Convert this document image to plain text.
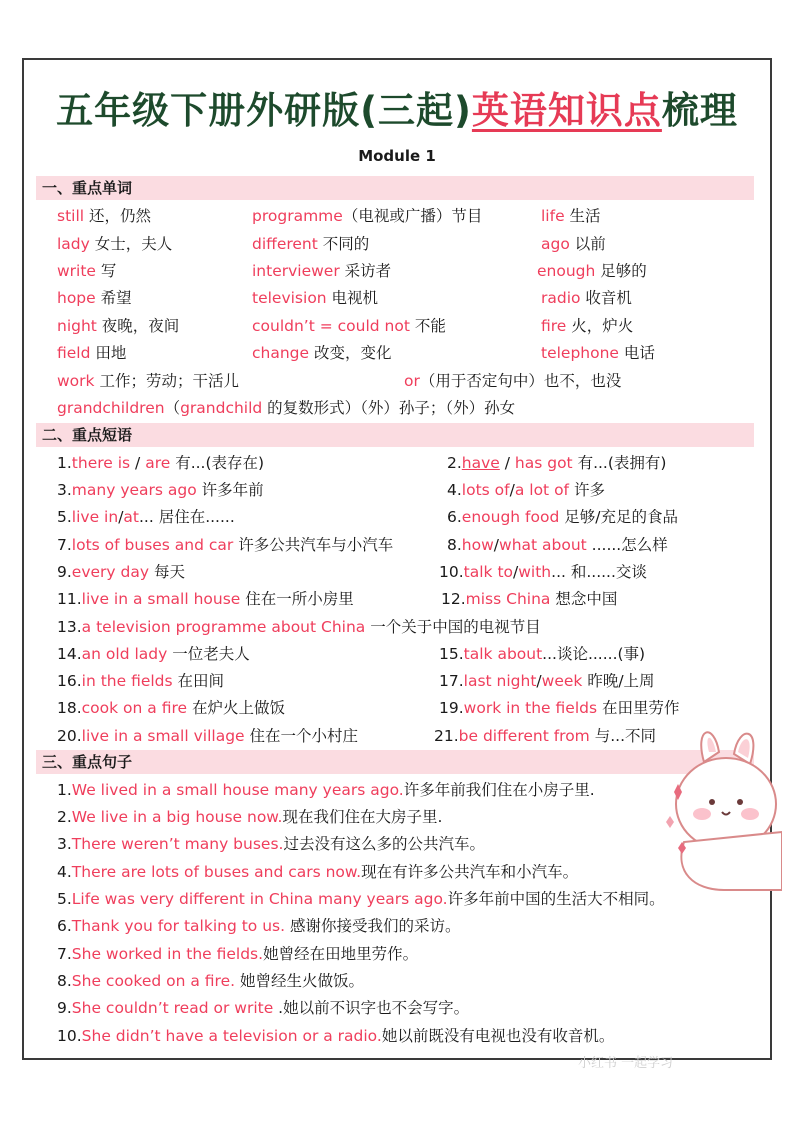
五年级下册外研版(三起)英语知识点梳理
Module 1
一、重点单词
still 还，仍然	programme（电视或广播）节目	life 生活
lady 女士，夫人	different 不同的	ago 以前
write 写	interviewer 采访者	enough 足够的
hope 希望	television 电视机	radio 收音机
night 夜晚，夜间	couldn’t = could not 不能	fire 火，炉火
field 田地	change 改变，变化	telephone 电话
work 工作；劳动；干活儿	or（用于否定句中）也不，也没
grandchildren（grandchild 的复数形式）（外）孙子；（外）孙女
二、重点短语
1.there is / are 有...(表存在)	2.have / has got 有...(表拥有)
3.many years ago 许多年前	4.lots of/a lot of 许多
5.live in/at... 居住在......	6.enough food 足够/充足的食品
7.lots of buses and car 许多公共汽车与小汽车	8.how/what about ......怎么样
9.every day 每天	10.talk to/with... 和......交谈
11.live in a small house 住在一所小房里	12.miss China 想念中国
13.a television programme about China 一个关于中国的电视节目
14.an old lady 一位老夫人	15.talk about...谈论......(事)
16.in the fields 在田间	17.last night/week 昨晚/上周
18.cook on a fire 在炉火上做饭	19.work in the fields 在田里劳作
20.live in a small village 住在一个小村庄	21.be different from 与...不同
三、重点句子
1.We lived in a small house many years ago.许多年前我们住在小房子里.
2.We live in a big house now.现在我们住在大房子里.
3.There weren’t many buses.过去没有这么多的公共汽车。
4.There are lots of buses and cars now.现在有许多公共汽车和小汽车。
5.Life was very different in China many years ago.许多年前中国的生活大不相同。
6.Thank you for talking to us. 感谢你接受我们的采访。
7.She worked in the fields.她曾经在田地里劳作。
8.She cooked on a fire. 她曾经生火做饭。
9.She couldn’t read or write .她以前不识字也不会写字。
10.She didn’t have a television or a radio.她以前既没有电视也没有收音机。
小红书 一起学习
